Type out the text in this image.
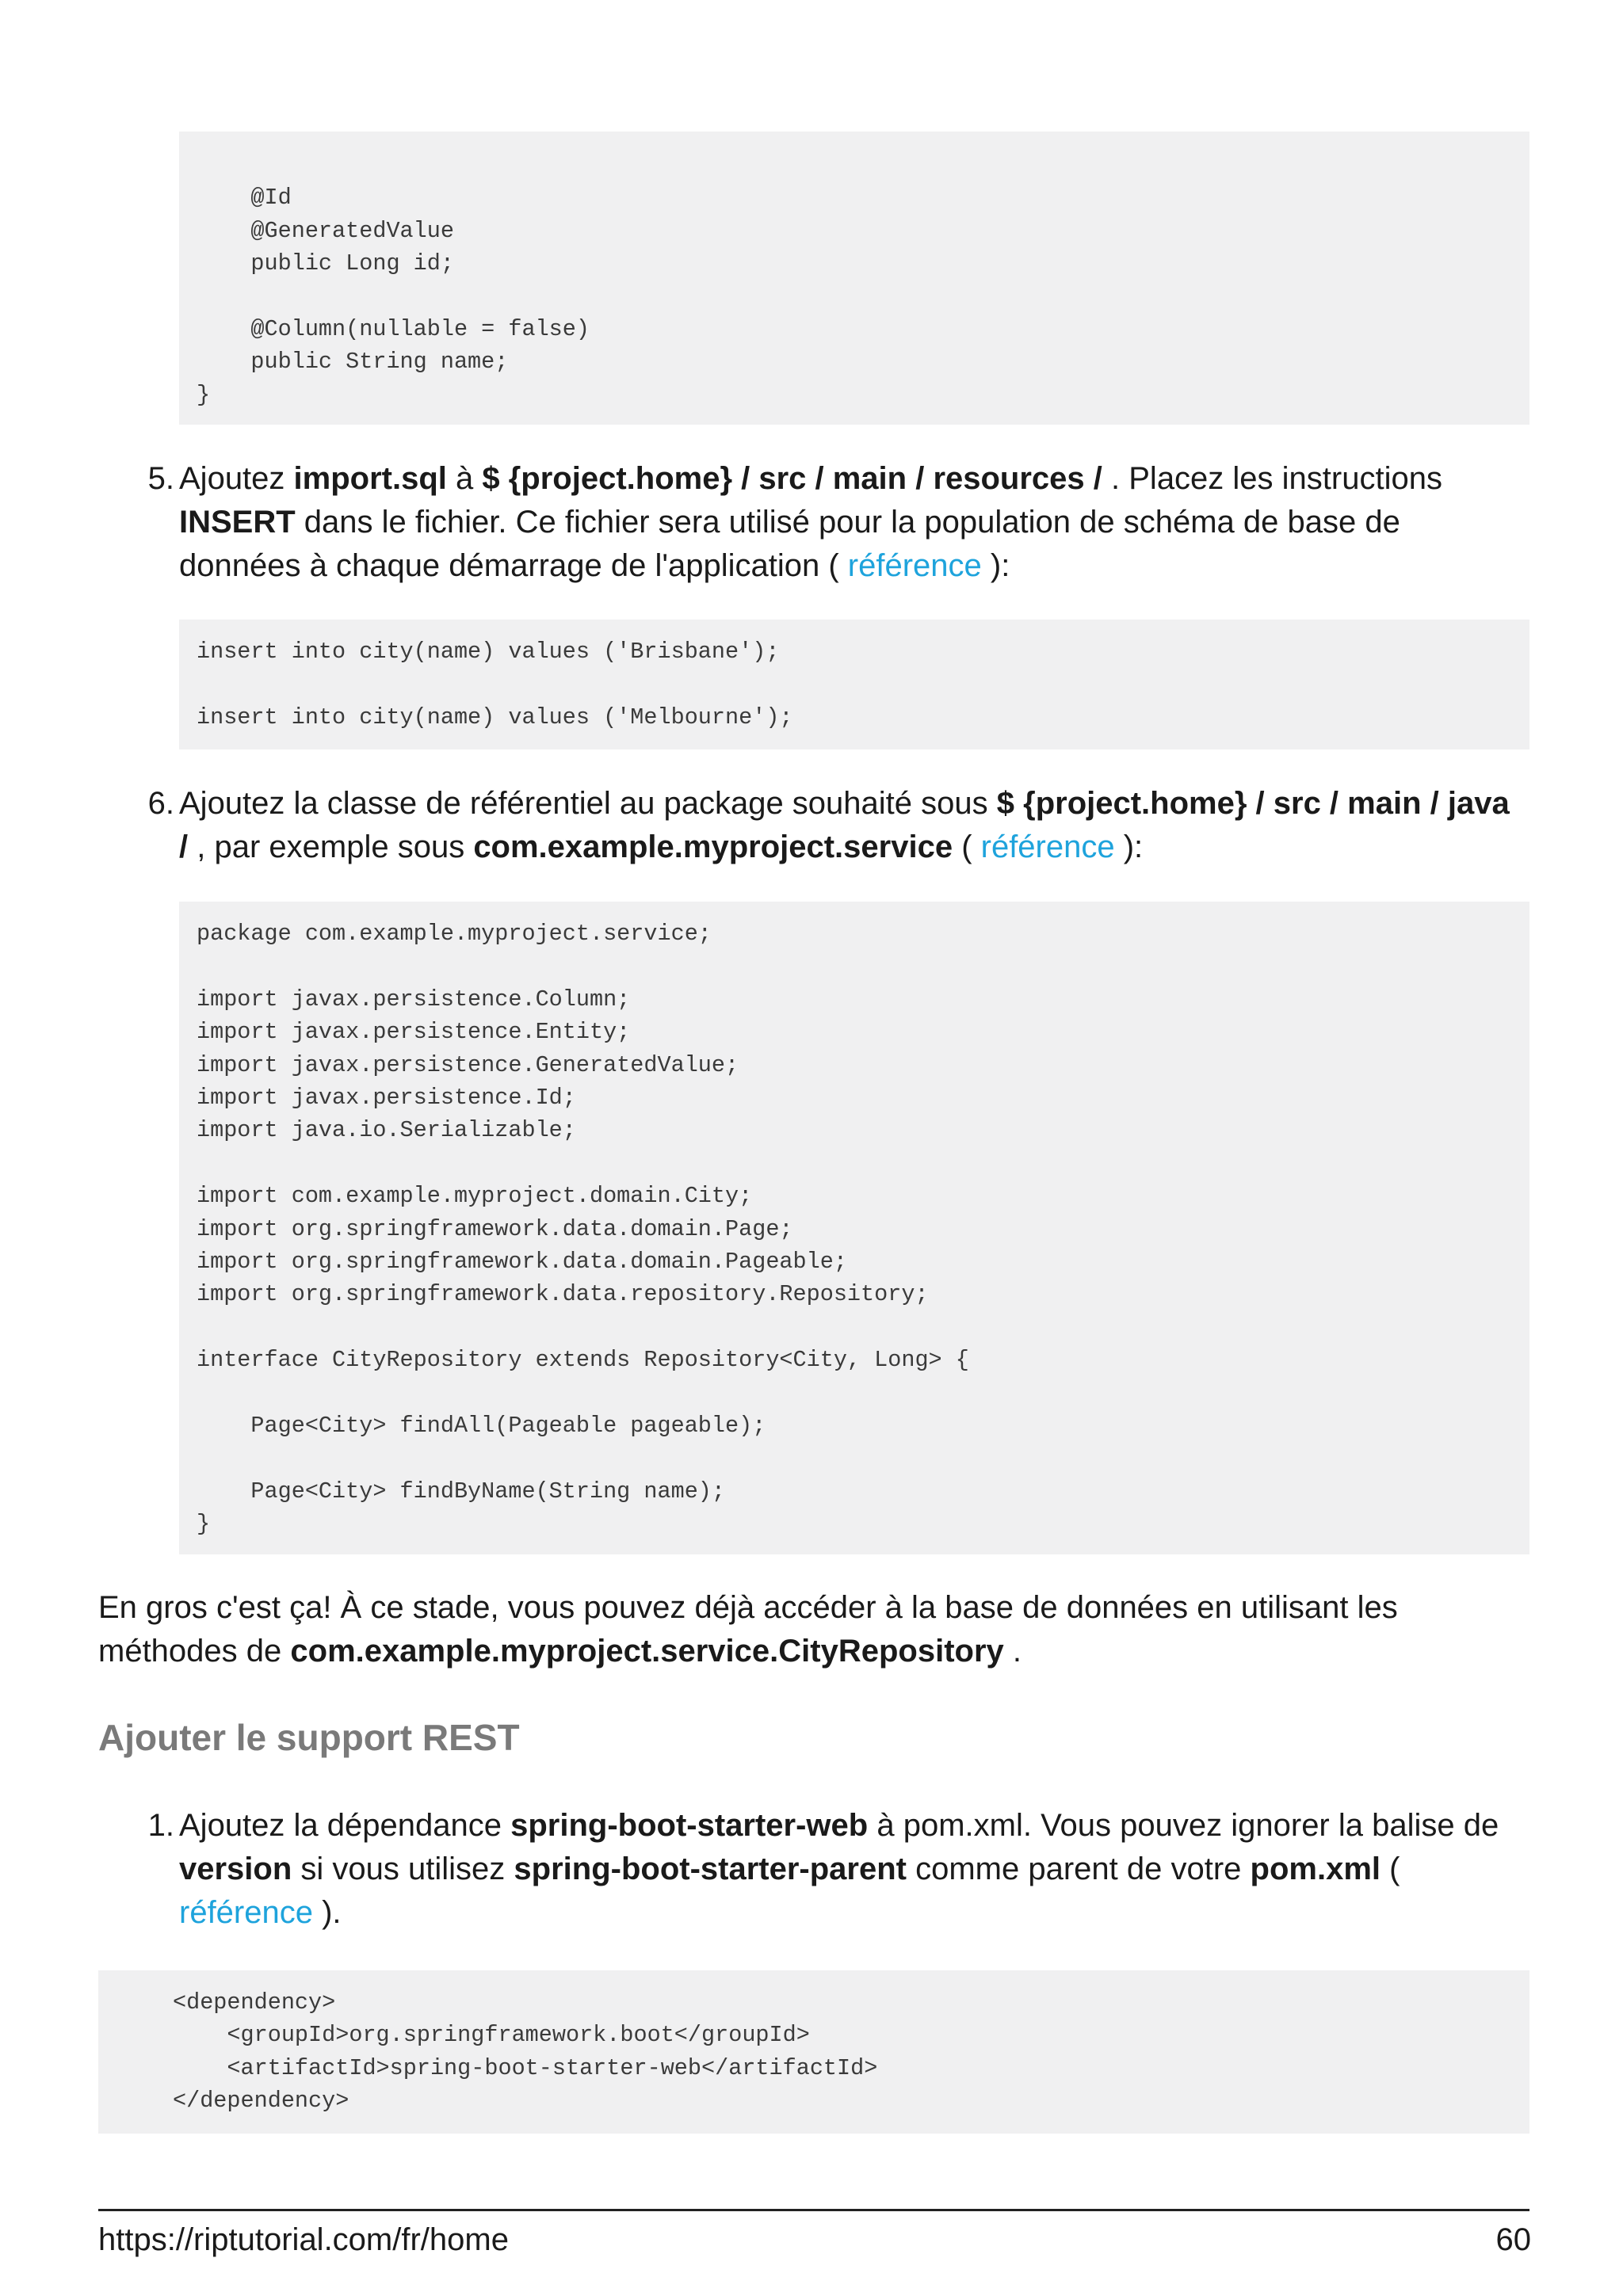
@Id
@GeneratedValue
public Long id;

@Column(nullable = false)
public String name;
}
5. Ajoutez import.sql à $ {project.home} / src / main / resources / . Placez les instructions INSERT dans le fichier. Ce fichier sera utilisé pour la population de schéma de base de données à chaque démarrage de l'application ( référence ):

insert into city(name) values ('Brisbane');

insert into city(name) values ('Melbourne');
6. Ajoutez la classe de référentiel au package souhaité sous $ {project.home} / src / main / java / , par exemple sous com.example.myproject.service ( référence ):

package com.example.myproject.service;

import javax.persistence.Column;
import javax.persistence.Entity;
import javax.persistence.GeneratedValue;
import javax.persistence.Id;
import java.io.Serializable;

import com.example.myproject.domain.City;
import org.springframework.data.domain.Page;
import org.springframework.data.domain.Pageable;
import org.springframework.data.repository.Repository;

interface CityRepository extends Repository<City, Long> {

Page<City> findAll(Pageable pageable);

Page<City> findByName(String name);
}

En gros c'est ça! À ce stade, vous pouvez déjà accéder à la base de données en utilisant les méthodes de com.example.myproject.service.CityRepository .

Ajouter le support REST
1. Ajoutez la dépendance spring-boot-starter-web à pom.xml. Vous pouvez ignorer la balise de version si vous utilisez spring-boot-starter-parent comme parent de votre pom.xml ( référence ).

<dependency>
<groupId>org.springframework.boot</groupId>
<artifactId>spring-boot-starter-web</artifactId>
</dependency>
https://riptutorial.com/fr/home	60
